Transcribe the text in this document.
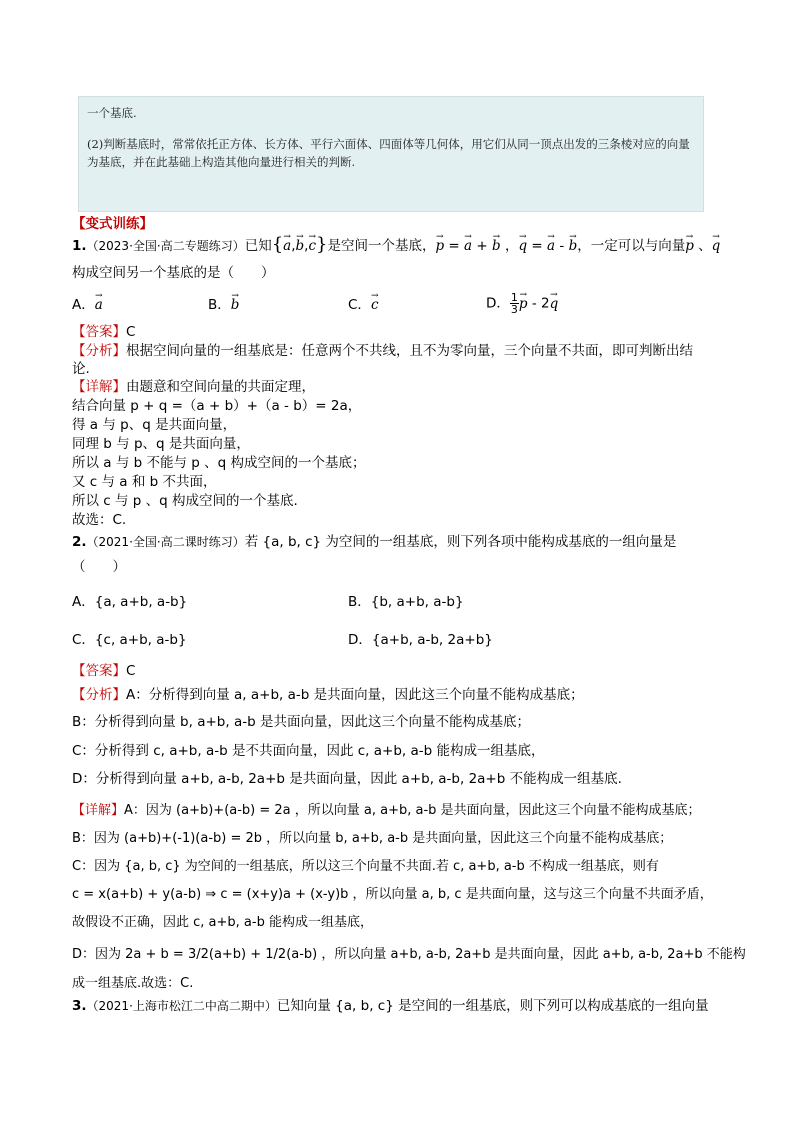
一个基底.
(2)判断基底时，常常依托正方体、长方体、平行六面体、四面体等几何体，用它们从同一顶点出发的三条棱对应的向量为基底，并在此基础上构造其他向量进行相关的判断.
【变式训练】
1.（2023·全国·高二专题练习）已知{→ a,→ b,→ c}是空间一个基底，→ p = → a + → b ，→ q = → a - → b，一定可以与向量→ p 、→ q
构成空间另一个基底的是（　　）
A．→ a	B．→ b	C．→ c	D． $\frac{1}{3}$
→ p - 2→ q
【答案】C
【分析】根据空间向量的一组基底是：任意两个不共线，且不为零向量，三个向量不共面，即可判断出结
论.
【详解】由题意和空间向量的共面定理，
结合向量 p + q =（a + b）+（a - b）= 2a，
得 a 与 p、q 是共面向量，
同理 b 与 p、q 是共面向量，
所以 a 与 b 不能与 p 、q 构成空间的一个基底；
又 c 与 a 和 b 不共面，
所以 c 与 p 、q 构成空间的一个基底.
故选：C.
2.（2021·全国·高二课时练习）若 {a, b, c} 为空间的一组基底，则下列各项中能构成基底的一组向量是
（　　）
A．{a, a+b, a-b}	B．{b, a+b, a-b}
C．{c, a+b, a-b}	D．{a+b, a-b, 2a+b}
【答案】C
【分析】A：分析得到向量 a, a+b, a-b 是共面向量，因此这三个向量不能构成基底；
B：分析得到向量 b, a+b, a-b 是共面向量，因此这三个向量不能构成基底；
C：分析得到 c, a+b, a-b 是不共面向量，因此 c, a+b, a-b 能构成一组基底，
D：分析得到向量 a+b, a-b, 2a+b 是共面向量，因此 a+b, a-b, 2a+b 不能构成一组基底.
【详解】A：因为 (a+b)+(a-b) = 2a ，所以向量 a, a+b, a-b 是共面向量，因此这三个向量不能构成基底；
B：因为 (a+b)+(-1)(a-b) = 2b ，所以向量 b, a+b, a-b 是共面向量，因此这三个向量不能构成基底；
C：因为 {a, b, c} 为空间的一组基底，所以这三个向量不共面.若 c, a+b, a-b 不构成一组基底，则有
c = x(a+b) + y(a-b) ⇒ c = (x+y)a + (x-y)b ，所以向量 a, b, c 是共面向量，这与这三个向量不共面矛盾，
故假设不正确，因此 c, a+b, a-b 能构成一组基底，
D：因为 2a + b = 3/2(a+b) + 1/2(a-b) ，所以向量 a+b, a-b, 2a+b 是共面向量，因此 a+b, a-b, 2a+b 不能构
成一组基底.故选：C.
3.（2021·上海市松江二中高二期中）已知向量 {a, b, c} 是空间的一组基底，则下列可以构成基底的一组向量
